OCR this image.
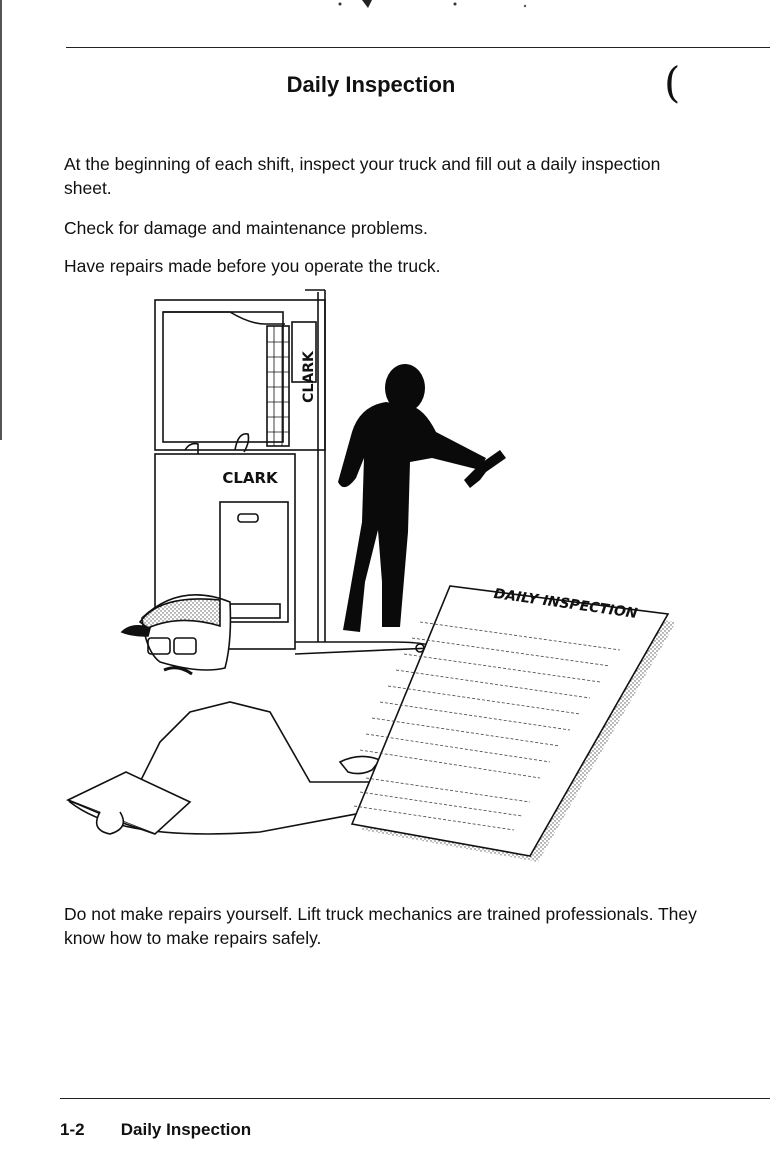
(
Daily Inspection

At the beginning of each shift, inspect your truck and fill out a daily inspection sheet.

Check for damage and maintenance problems.

Have repairs made before you operate the truck.

CLARK
CLARK
DAILY INSPECTION

Do not make repairs yourself. Lift truck mechanics are trained professionals. They know how to make repairs safely.

1-2 Daily Inspection
